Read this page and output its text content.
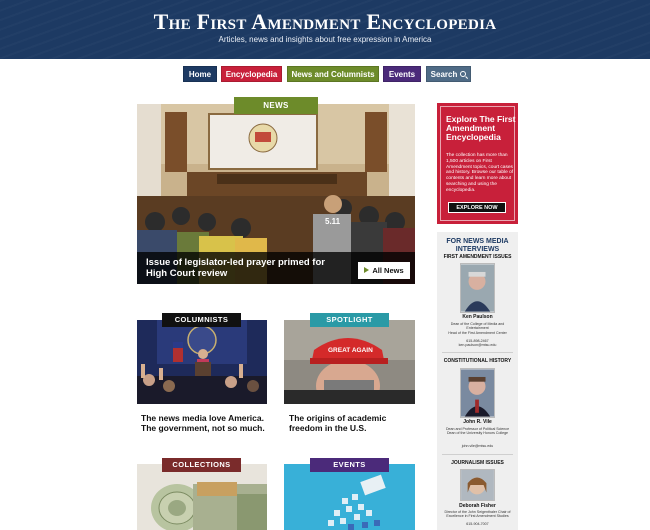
The First Amendment Encyclopedia
Articles, news and insights about free expression in America
Home	Encyclopedia	News and Columnists	Events	Search
5.11
NEWS
Issue of legislator-led prayer primed for High Court review	All News
COLUMNISTS
The news media love America. The government, not so much.
GREAT AGAIN
SPOTLIGHT
The origins of academic freedom in the U.S.
COLLECTIONS	EVENTS
Explore The First Amendment Encyclopedia
The collection has more than 1,500 articles on First Amendment topics, court cases and history. Browse our table of contents and learn more about searching and using the encyclopedia.
EXPLORE NOW
FOR NEWS MEDIA INTERVIEWS
FIRST AMENDMENT ISSUES
Ken Paulson
Dean of the College of Media and Entertainment
Head of the First Amendment Center
615-898-2467
ken.paulson@mtsu.edu
CONSTITUTIONAL HISTORY
John R. Vile
Dean and Professor of Political Science
Dean of the University Honors College
john.vile@mtsu.edu
JOURNALISM ISSUES
Deborah Fisher
Director of the John Seigenthaler Chair of Excellence in First Amendment Studies
615-904-7007
